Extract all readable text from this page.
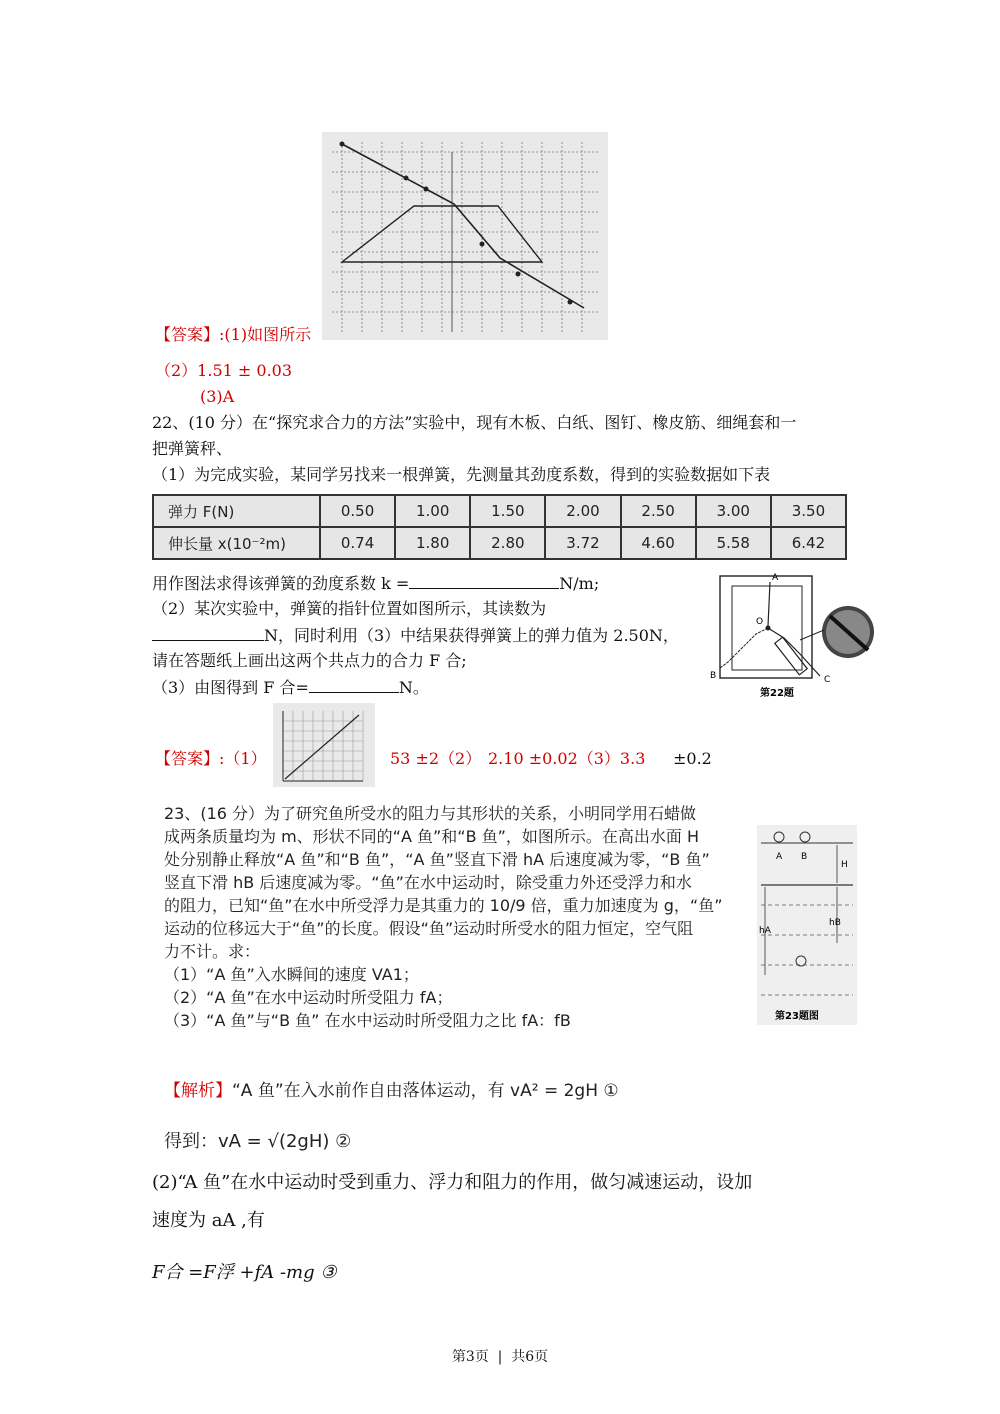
【答案】:(1)如图所示
（2）1.51 ± 0.03
(3)A
22、(10 分）在“探究求合力的方法”实验中，现有木板、白纸、图钉、橡皮筋、细绳套和一
把弹簧秤、
（1）为完成实验，某同学另找来一根弹簧，先测量其劲度系数，得到的实验数据如下表
弹力 F(N)	0.50	1.00	1.50	2.00	2.50	3.00	3.50
伸长量 x(10⁻²m)	0.74	1.80	2.80	3.72	4.60	5.58	6.42
用作图法求得该弹簧的劲度系数 k =	N/m;
（2）某次实验中，弹簧的指针位置如图所示，其读数为
N，同时利用（3）中结果获得弹簧上的弹力值为 2.50N，
请在答题纸上画出这两个共点力的合力 F 合;
（3）由图得到 F 合=	N。
A
O
B	C
第22题
【答案】:（1）	53 ±2（2） 2.10 ±0.02（3）3.3 ±0.2
23、(16 分）为了研究鱼所受水的阻力与其形状的关系，小明同学用石蜡做
成两条质量均为 m、形状不同的“A 鱼”和“B 鱼”，如图所示。在高出水面 H
处分别静止释放“A 鱼”和“B 鱼”，“A 鱼”竖直下滑 hA 后速度减为零，“B 鱼”
竖直下滑 hB 后速度减为零。“鱼”在水中运动时，除受重力外还受浮力和水
的阻力，已知“鱼”在水中所受浮力是其重力的 10/9 倍，重力加速度为 g，“鱼”
运动的位移远大于“鱼”的长度。假设“鱼”运动时所受水的阻力恒定，空气阻
力不计。求：
（1）“A 鱼”入水瞬间的速度 VA1；
（2）“A 鱼”在水中运动时所受阻力 fA；
（3）“A 鱼”与“B 鱼” 在水中运动时所受阻力之比 fA：fB
A B
H
hA
hB
第23题图
【解析】“A 鱼”在入水前作自由落体运动，有 vA² = 2gH ①
得到：vA = √(2gH) ②
(2)“A 鱼”在水中运动时受到重力、浮力和阻力的作用，做匀减速运动，设加
速度为 aA ,有
F合 =F浮 +fA -mg ③
第3页  |  共6页
